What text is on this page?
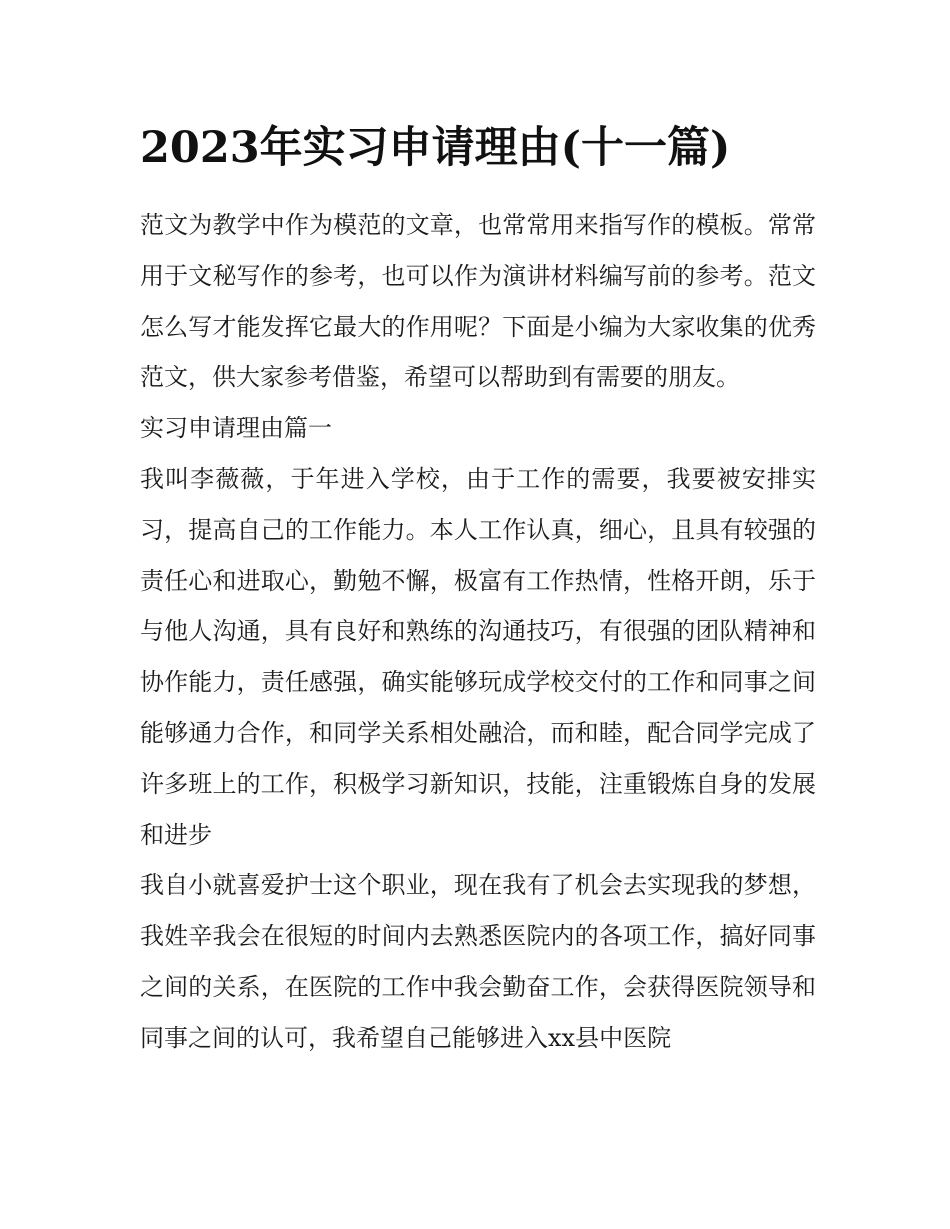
2023年实习申请理由(十一篇)

范文为教学中作为模范的文章，也常常用来指写作的模板。常常用于文秘写作的参考，也可以作为演讲材料编写前的参考。范文怎么写才能发挥它最大的作用呢？下面是小编为大家收集的优秀范文，供大家参考借鉴，希望可以帮助到有需要的朋友。

实习申请理由篇一

我叫李薇薇，于年进入学校，由于工作的需要，我要被安排实习，提高自己的工作能力。本人工作认真，细心，且具有较强的责任心和进取心，勤勉不懈，极富有工作热情，性格开朗，乐于与他人沟通，具有良好和熟练的沟通技巧，有很强的团队精神和协作能力，责任感强，确实能够玩成学校交付的工作和同事之间能够通力合作，和同学关系相处融洽，而和睦，配合同学完成了许多班上的工作，积极学习新知识，技能，注重锻炼自身的发展和进步

我自小就喜爱护士这个职业，现在我有了机会去实现我的梦想，我姓辛我会在很短的时间内去熟悉医院内的各项工作，搞好同事之间的关系，在医院的工作中我会勤奋工作，会获得医院领导和同事之间的认可，我希望自己能够进入xx县中医院
